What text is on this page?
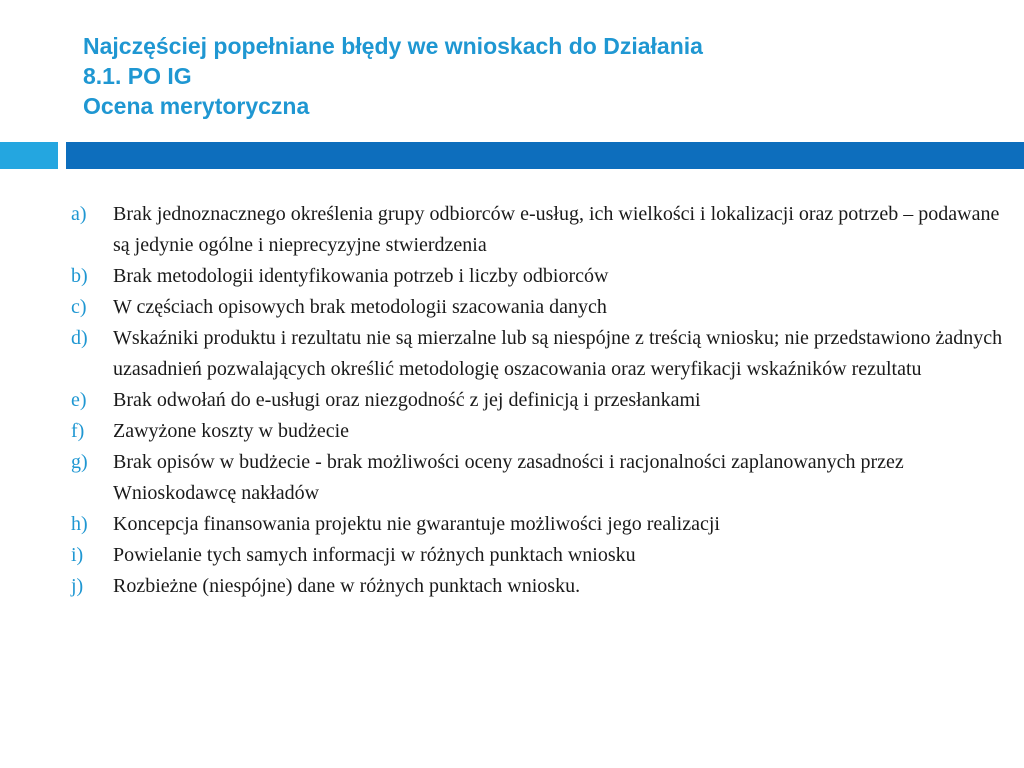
Najczęściej popełniane błędy we wnioskach do Działania
8.1. PO IG
Ocena merytoryczna
a)	Brak jednoznacznego określenia grupy odbiorców e-usług, ich wielkości i lokalizacji oraz potrzeb – podawane są jedynie ogólne i nieprecyzyjne stwierdzenia
b)	Brak metodologii identyfikowania potrzeb i liczby odbiorców
c)	W częściach opisowych brak metodologii szacowania danych
d)	Wskaźniki produktu i rezultatu nie są mierzalne lub są niespójne z treścią wniosku; nie przedstawiono żadnych uzasadnień pozwalających określić metodologię oszacowania oraz weryfikacji wskaźników rezultatu
e)	Brak odwołań do e-usługi oraz niezgodność z jej definicją i przesłankami
f)	Zawyżone koszty w budżecie
g)	Brak opisów w budżecie - brak możliwości oceny zasadności i racjonalności zaplanowanych przez Wnioskodawcę nakładów
h)	Koncepcja finansowania projektu nie gwarantuje możliwości jego realizacji
i)	Powielanie tych samych informacji w różnych punktach wniosku
j)	Rozbieżne (niespójne) dane w różnych punktach wniosku.
